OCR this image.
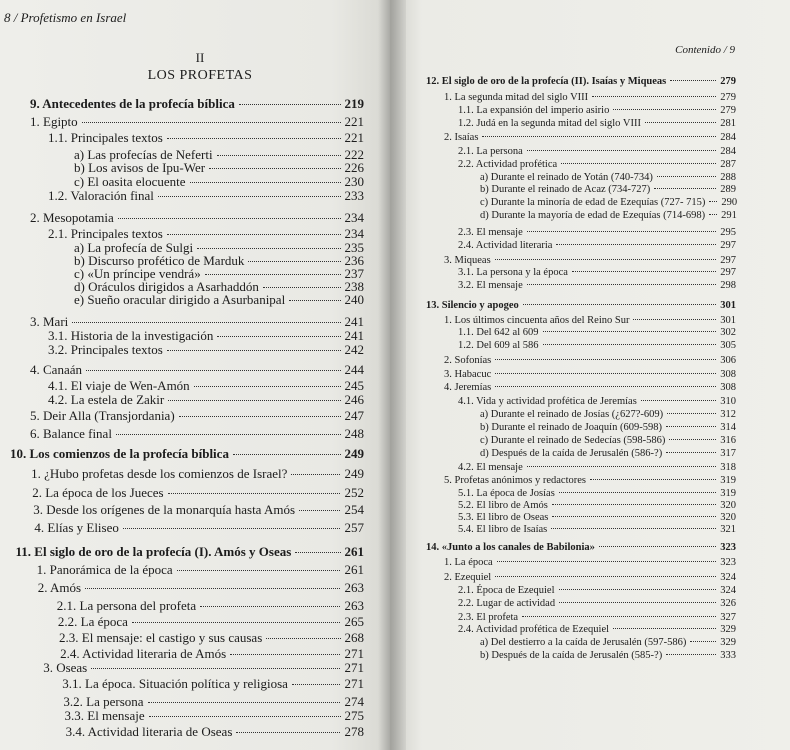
8 / Profetismo en Israel
II
LOS PROFETAS
9. Antecedentes de la profecía bíblica	219
1. Egipto	221
1.1. Principales textos	221
a) Las profecías de Neferti	222
b) Los avisos de Ipu-Wer	226
c) El oasita elocuente	230
1.2. Valoración final	233
2. Mesopotamia	234
2.1. Principales textos	234
a) La profecía de Sulgi	235
b) Discurso profético de Marduk	236
c) «Un príncipe vendrá»	237
d) Oráculos dirigidos a Asarhaddón	238
e) Sueño oracular dirigido a Asurbanipal	240
3. Mari	241
3.1. Historia de la investigación	241
3.2. Principales textos	242
4. Canaán	244
4.1. El viaje de Wen-Amón	245
4.2. La estela de Zakir	246
5. Deir Alla (Transjordania)	247
6. Balance final	248
10. Los comienzos de la profecía bíblica	249
1. ¿Hubo profetas desde los comienzos de Israel?	249
2. La época de los Jueces	252
3. Desde los orígenes de la monarquía hasta Amós	254
4. Elías y Eliseo	257
11. El siglo de oro de la profecía (I). Amós y Oseas	261
1. Panorámica de la época	261
2. Amós	263
2.1. La persona del profeta	263
2.2. La época	265
2.3. El mensaje: el castigo y sus causas	268
2.4. Actividad literaria de Amós	271
3. Oseas	271
3.1. La época. Situación política y religiosa	271
3.2. La persona	274
3.3. El mensaje	275
3.4. Actividad literaria de Oseas	278
Contenido / 9
12. El siglo de oro de la profecía (II). Isaías y Miqueas	279
1. La segunda mitad del siglo VIII	279
1.1. La expansión del imperio asirio	279
1.2. Judá en la segunda mitad del siglo VIII	281
2. Isaías	284
2.1. La persona	284
2.2. Actividad profética	287
a) Durante el reinado de Yotán (740-734)	288
b) Durante el reinado de Acaz (734-727)	289
c) Durante la minoría de edad de Ezequías (727- 715) 290
d) Durante la mayoría de edad de Ezequías (714-698) 291
2.3. El mensaje	295
2.4. Actividad literaria	297
3. Miqueas	297
3.1. La persona y la época	297
3.2. El mensaje	298
13. Silencio y apogeo	301
1. Los últimos cincuenta años del Reino Sur	301
1.1. Del 642 al 609	302
1.2. Del 609 al 586	305
2. Sofonías	306
3. Habacuc	308
4. Jeremías	308
4.1. Vida y actividad profética de Jeremías	310
a) Durante el reinado de Josías (¿627?-609)	312
b) Durante el reinado de Joaquín (609-598)	314
c) Durante el reinado de Sedecías (598-586)	316
d) Después de la caída de Jerusalén (586-?)	317
4.2. El mensaje	318
5. Profetas anónimos y redactores	319
5.1. La época de Josías	319
5.2. El libro de Amós	320
5.3. El libro de Oseas	320
5.4. El libro de Isaías	321
14. «Junto a los canales de Babilonia»	323
1. La época	323
2. Ezequiel	324
2.1. Época de Ezequiel	324
2.2. Lugar de actividad	326
2.3. El profeta	327
2.4. Actividad profética de Ezequiel	329
a) Del destierro a la caída de Jerusalén (597-586)	329
b) Después de la caída de Jerusalén (585-?)	333
